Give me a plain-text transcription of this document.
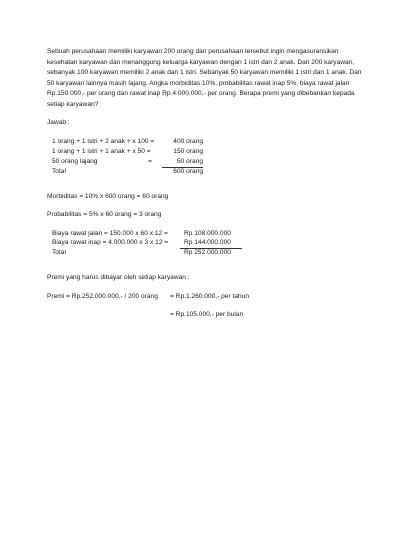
Sebuah perusahaan memiliki karyawan 200 orang dan perusahaan tersebut ingin mengasuransikan kesehatan karyawan dan menanggung keluarga karyawan dengan 1 istri dan 2 anak. Dari 200 karyawan, sebanyak 100 karyawan memiliki 2 anak dan 1 istri. Sebanyak 50 karyawan memiliki 1 istri dan 1 anak. Dan 50 karyawan lainnya masih lajang. Angka morbiditas 10%, probabilitas rawat inap 5%, biaya rawat jalan Rp.150.000,- per orang dan rawat inap Rp.4.000.000,- per orang. Berapa premi yang dibebankan kepada setiap karyawan?
Jawab :
1 orang + 1 istri + 2 anak + x 100 =	400 orang
1 orang + 1 istri + 1 anak + x 50 =	150 orang
50 orang lajang	=	50 orang
Total	600 orang
Morbiditas = 10% x 600 orang = 60 orang
Probabilitas = 5% x 60 orang = 3 orang
Biaya rawat jalan = 150.000 x 60 x 12 = Rp 108.000.000
Biaya rawat inap = 4.000.000 x 3 x 12 =	Rp 144.000.000
Total	Rp 252.000.000
Premi yang harus dibayar oleh setiap karyawan :
Premi = Rp.252.000.000,- / 200 orang = Rp.1.260.000,- per tahun
= Rp.105.000,- per bulan
